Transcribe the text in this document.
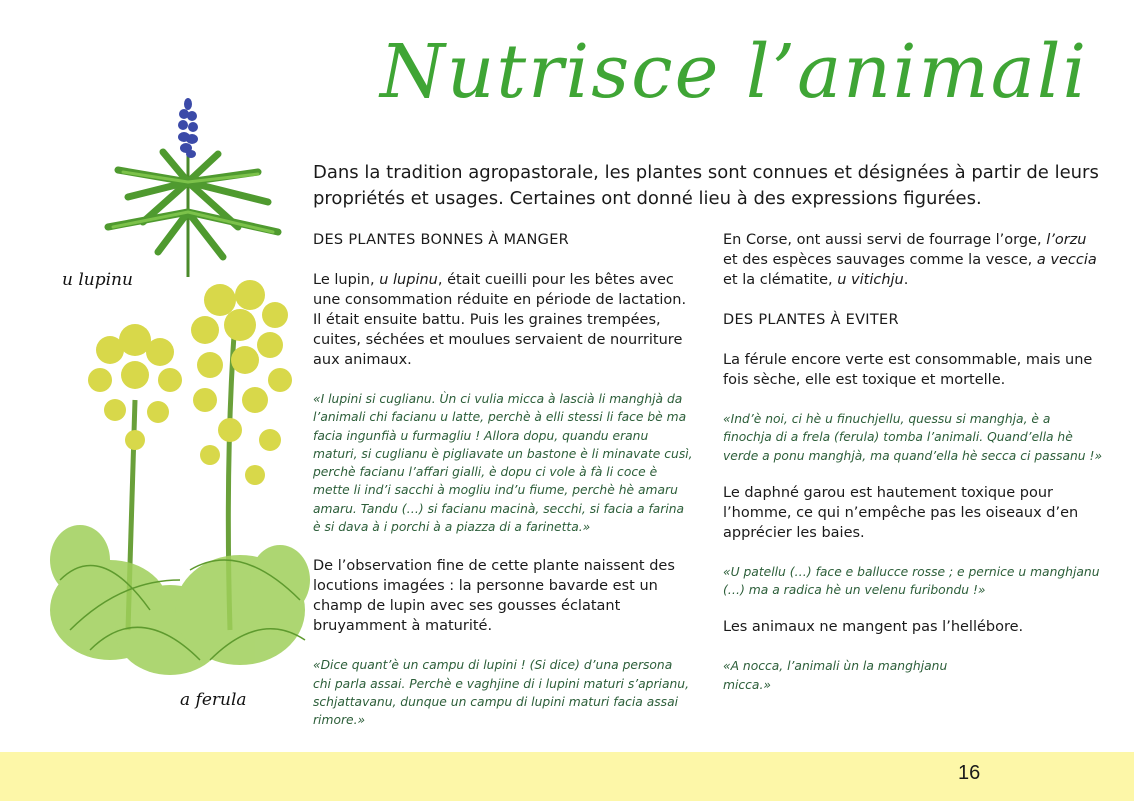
Nutrisce l’animali
u lupinu
a ferula
Dans la tradition agropastorale, les plantes sont connues et désignées à partir de leurs propriétés et usages. Certaines ont donné lieu à des expressions figurées.
DES PLANTES BONNES À MANGER
Le lupin, u lupinu, était cueilli pour les bêtes avec une consommation réduite en période de lactation. Il était ensuite battu. Puis les graines trempées, cuites, séchées et moulues servaient de nourriture aux animaux.
«I lupini si cuglianu. Ùn ci vulia micca à lascià li manghjà da l’animali chi facianu u latte, perchè à elli stessi li face bè ma facia ingunfià u furmagliu ! Allora dopu, quandu eranu maturi, si cuglianu è pigliavate un bastone è li minavate cusì, perchè facianu l’affari gialli, è dopu ci vole à fà li coce è mette li ind’i sacchi à mogliu ind’u fiume, perchè hè amaru amaru. Tandu (…) si facianu macinà, secchi, si facia a farina è si dava à i porchi à a piazza di a farinetta.»
De l’observation fine de cette plante naissent des locutions imagées : la personne bavarde est un champ de lupin avec ses gousses éclatant bruyamment à maturité.
«Dice quant’è un campu di lupini ! (Si dice) d’una persona chi parla assai. Perchè e vaghjine di i lupini maturi s’aprianu, schjattavanu, dunque un campu di lupini maturi facia assai rimore.»
En Corse, ont aussi servi de fourrage l’orge, l’orzu et des espèces sauvages comme la vesce, a veccia et la clématite, u vitichju.
DES PLANTES À EVITER
La férule encore verte est consommable, mais une fois sèche, elle est toxique et mortelle.
«Ind’è noi, ci hè u finuchjellu, quessu si manghja, è a finochja di a frela (ferula) tomba l’animali. Quand’ella hè verde a ponu manghjà, ma quand’ella hè secca ci passanu !»
Le daphné garou est hautement toxique pour l’homme, ce qui n’empêche pas les oiseaux d’en apprécier les baies.
«U patellu (…) face e ballucce rosse ; e pernice u manghjanu (…) ma a radica hè un velenu furibondu !»
Les animaux ne mangent pas l’hellébore.
«A nocca, l’animali ùn la manghjanu micca.»
16
